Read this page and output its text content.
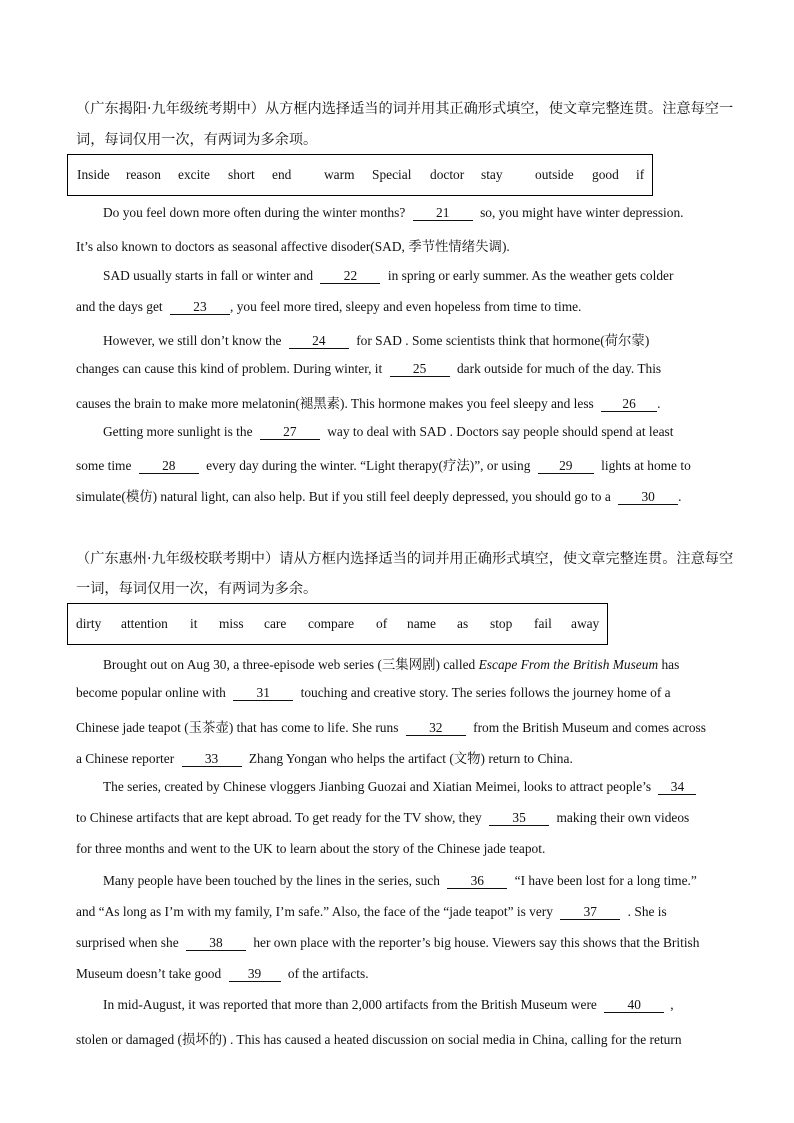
（广东揭阳·九年级统考期中）从方框内选择适当的词并用其正确形式填空，使文章完整连贯。注意每空一
词，每词仅用一次，有两词为多余项。
Inside reason excite short end warm Special doctor stay outside good if
Do you feel down more often during the winter months? 21 so, you might have winter depression.
It’s also known to doctors as seasonal affective disoder(SAD, 季节性情绪失调).
SAD usually starts in fall or winter and 22 in spring or early summer. As the weather gets colder
and the days get 23 , you feel more tired, sleepy and even hopeless from time to time.
However, we still don’t know the 24 for SAD . Some scientists think that hormone(荷尔蒙)
changes can cause this kind of problem. During winter, it 25 dark outside for much of the day. This
causes the brain to make more melatonin(褪黑素). This hormone makes you feel sleepy and less 26 .
Getting more sunlight is the 27 way to deal with SAD . Doctors say people should spend at least
some time 28 every day during the winter. “Light therapy(疗法)”, or using 29 lights at home to
simulate(模仿) natural light, can also help. But if you still feel deeply depressed, you should go to a 30 .
（广东惠州·九年级校联考期中）请从方框内选择适当的词并用正确形式填空，使文章完整连贯。注意每空
一词，每词仅用一次，有两词为多余。
dirty attention it miss care compare of name as stop fail away
Brought out on Aug 30, a three-episode web series (三集网剧) called Escape From the British Museum has
become popular online with 31 touching and creative story. The series follows the journey home of a
Chinese jade teapot (玉茶壶) that has come to life. She runs 32 from the British Museum and comes across
a Chinese reporter 33 Zhang Yongan who helps the artifact (文物) return to China.
The series, created by Chinese vloggers Jianbing Guozai and Xiatian Meimei, looks to attract people’s 34
to Chinese artifacts that are kept abroad. To get ready for the TV show, they 35 making their own videos
for three months and went to the UK to learn about the story of the Chinese jade teapot.
Many people have been touched by the lines in the series, such 36 “I have been lost for a long time.”
and “As long as I’m with my family, I’m safe.” Also, the face of the “jade teapot” is very 37 . She is
surprised when she 38 her own place with the reporter’s big house. Viewers say this shows that the British
Museum doesn’t take good 39 of the artifacts.
In mid-August, it was reported that more than 2,000 artifacts from the British Museum were 40 ,
stolen or damaged (损坏的) . This has caused a heated discussion on social media in China, calling for the return
